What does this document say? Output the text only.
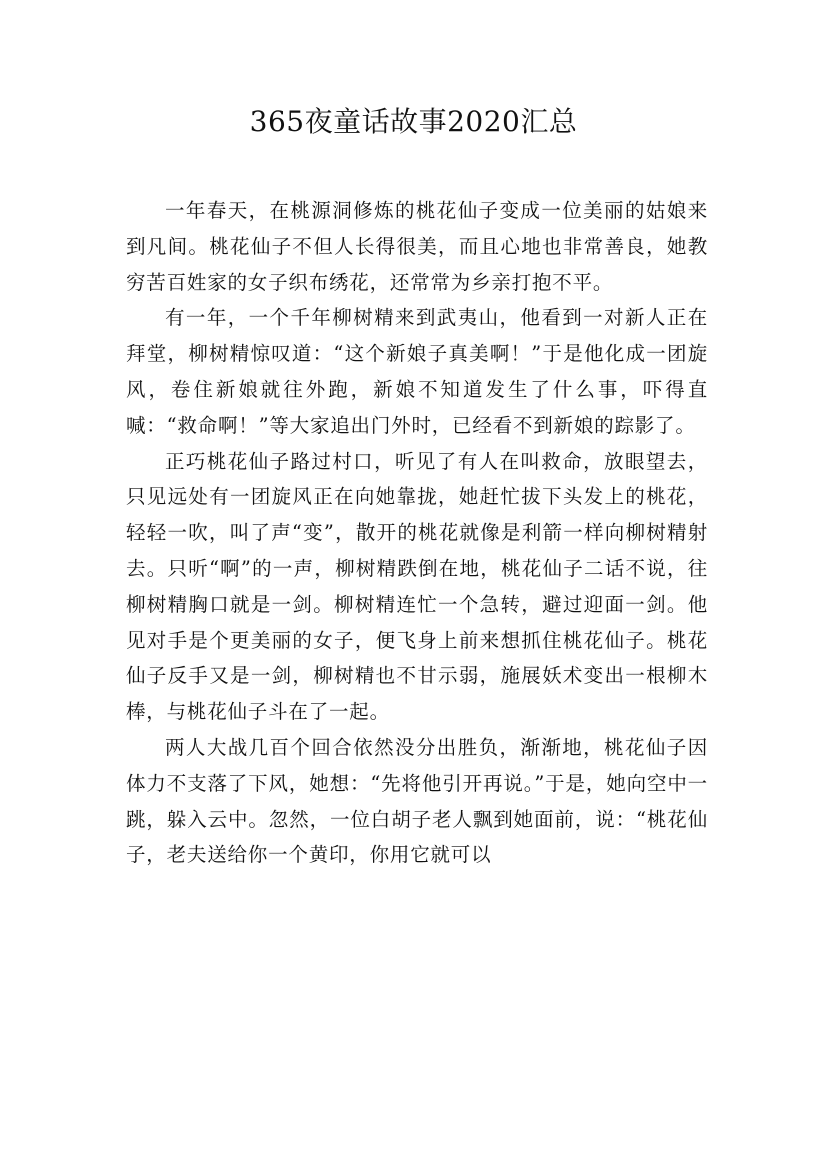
365夜童话故事2020汇总

一年春天，在桃源洞修炼的桃花仙子变成一位美丽的姑娘来到凡间。桃花仙子不但人长得很美，而且心地也非常善良，她教穷苦百姓家的女子织布绣花，还常常为乡亲打抱不平。

有一年，一个千年柳树精来到武夷山，他看到一对新人正在拜堂，柳树精惊叹道：“这个新娘子真美啊！”于是他化成一团旋风，卷住新娘就往外跑，新娘不知道发生了什么事，吓得直喊：“救命啊！”等大家追出门外时，已经看不到新娘的踪影了。

正巧桃花仙子路过村口，听见了有人在叫救命，放眼望去，只见远处有一团旋风正在向她靠拢，她赶忙拔下头发上的桃花，轻轻一吹，叫了声“变”，散开的桃花就像是利箭一样向柳树精射去。只听“啊”的一声，柳树精跌倒在地，桃花仙子二话不说，往柳树精胸口就是一剑。柳树精连忙一个急转，避过迎面一剑。他见对手是个更美丽的女子，便飞身上前来想抓住桃花仙子。桃花仙子反手又是一剑，柳树精也不甘示弱，施展妖术变出一根柳木棒，与桃花仙子斗在了一起。

两人大战几百个回合依然没分出胜负，渐渐地，桃花仙子因体力不支落了下风，她想：“先将他引开再说。”于是，她向空中一跳，躲入云中。忽然，一位白胡子老人飘到她面前，说：“桃花仙子，老夫送给你一个黄印，你用它就可以
